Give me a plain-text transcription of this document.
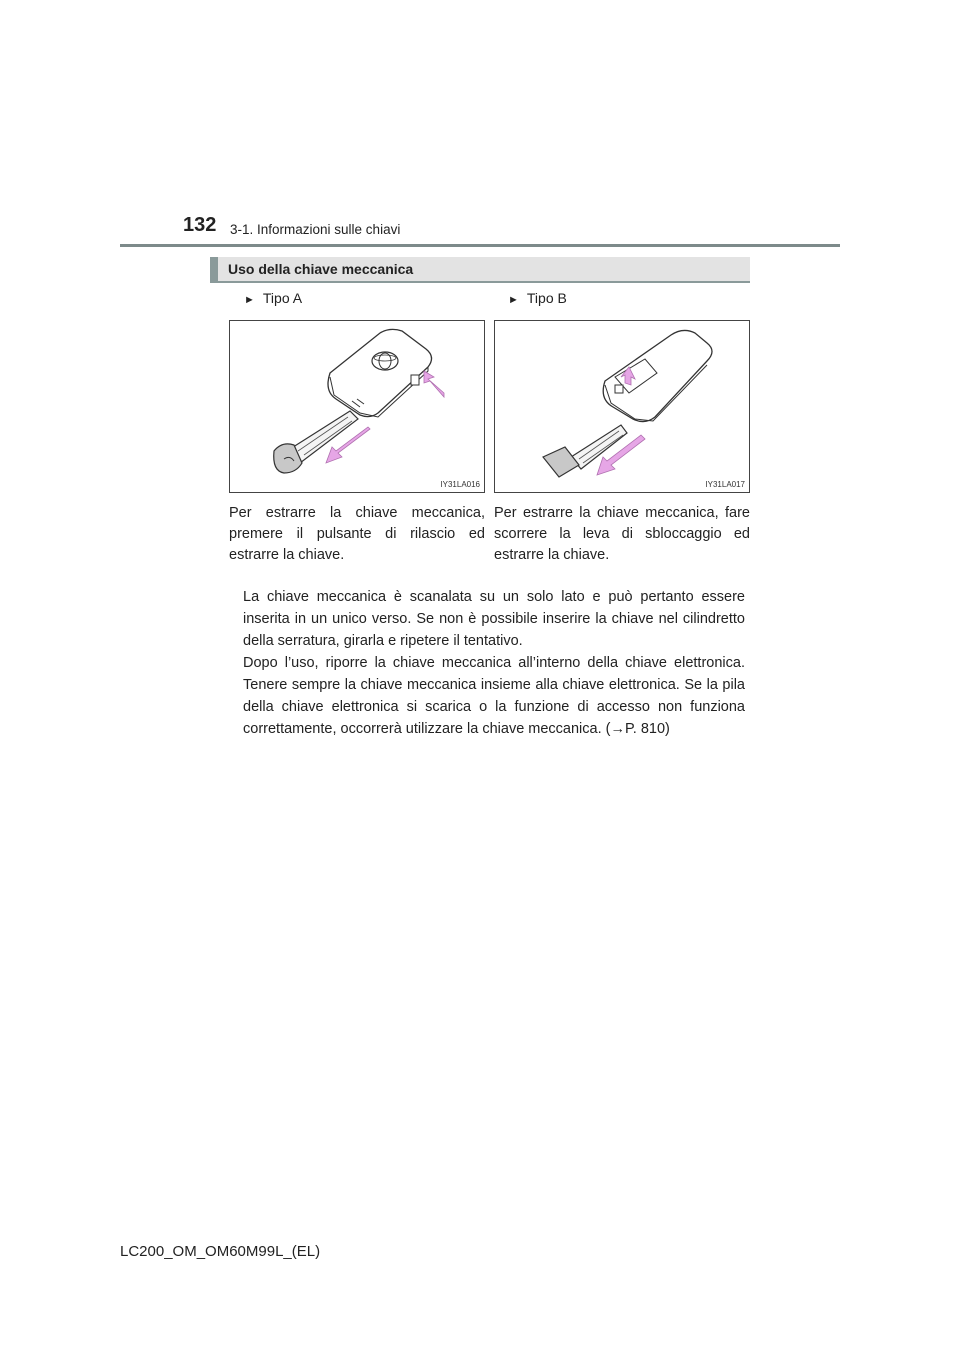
132 3-1. Informazioni sulle chiavi
Uso della chiave meccanica
► Tipo A
IY31LA016
Per estrarre la chiave meccanica, premere il pulsante di rilascio ed estrarre la chiave.
► Tipo B
IY31LA017
Per estrarre la chiave meccanica, fare scorrere la leva di sbloccaggio ed estrarre la chiave.

La chiave meccanica è scanalata su un solo lato e può pertanto essere inserita in un unico verso. Se non è possibile inserire la chiave nel cilindretto della serratura, girarla e ripetere il tentativo.

Dopo l’uso, riporre la chiave meccanica all’interno della chiave elettronica. Tenere sempre la chiave meccanica insieme alla chiave elettronica. Se la pila della chiave elettronica si scarica o la funzione di accesso non funziona correttamente, occorrerà utilizzare la chiave meccanica. (→P. 810)

LC200_OM_OM60M99L_(EL)
